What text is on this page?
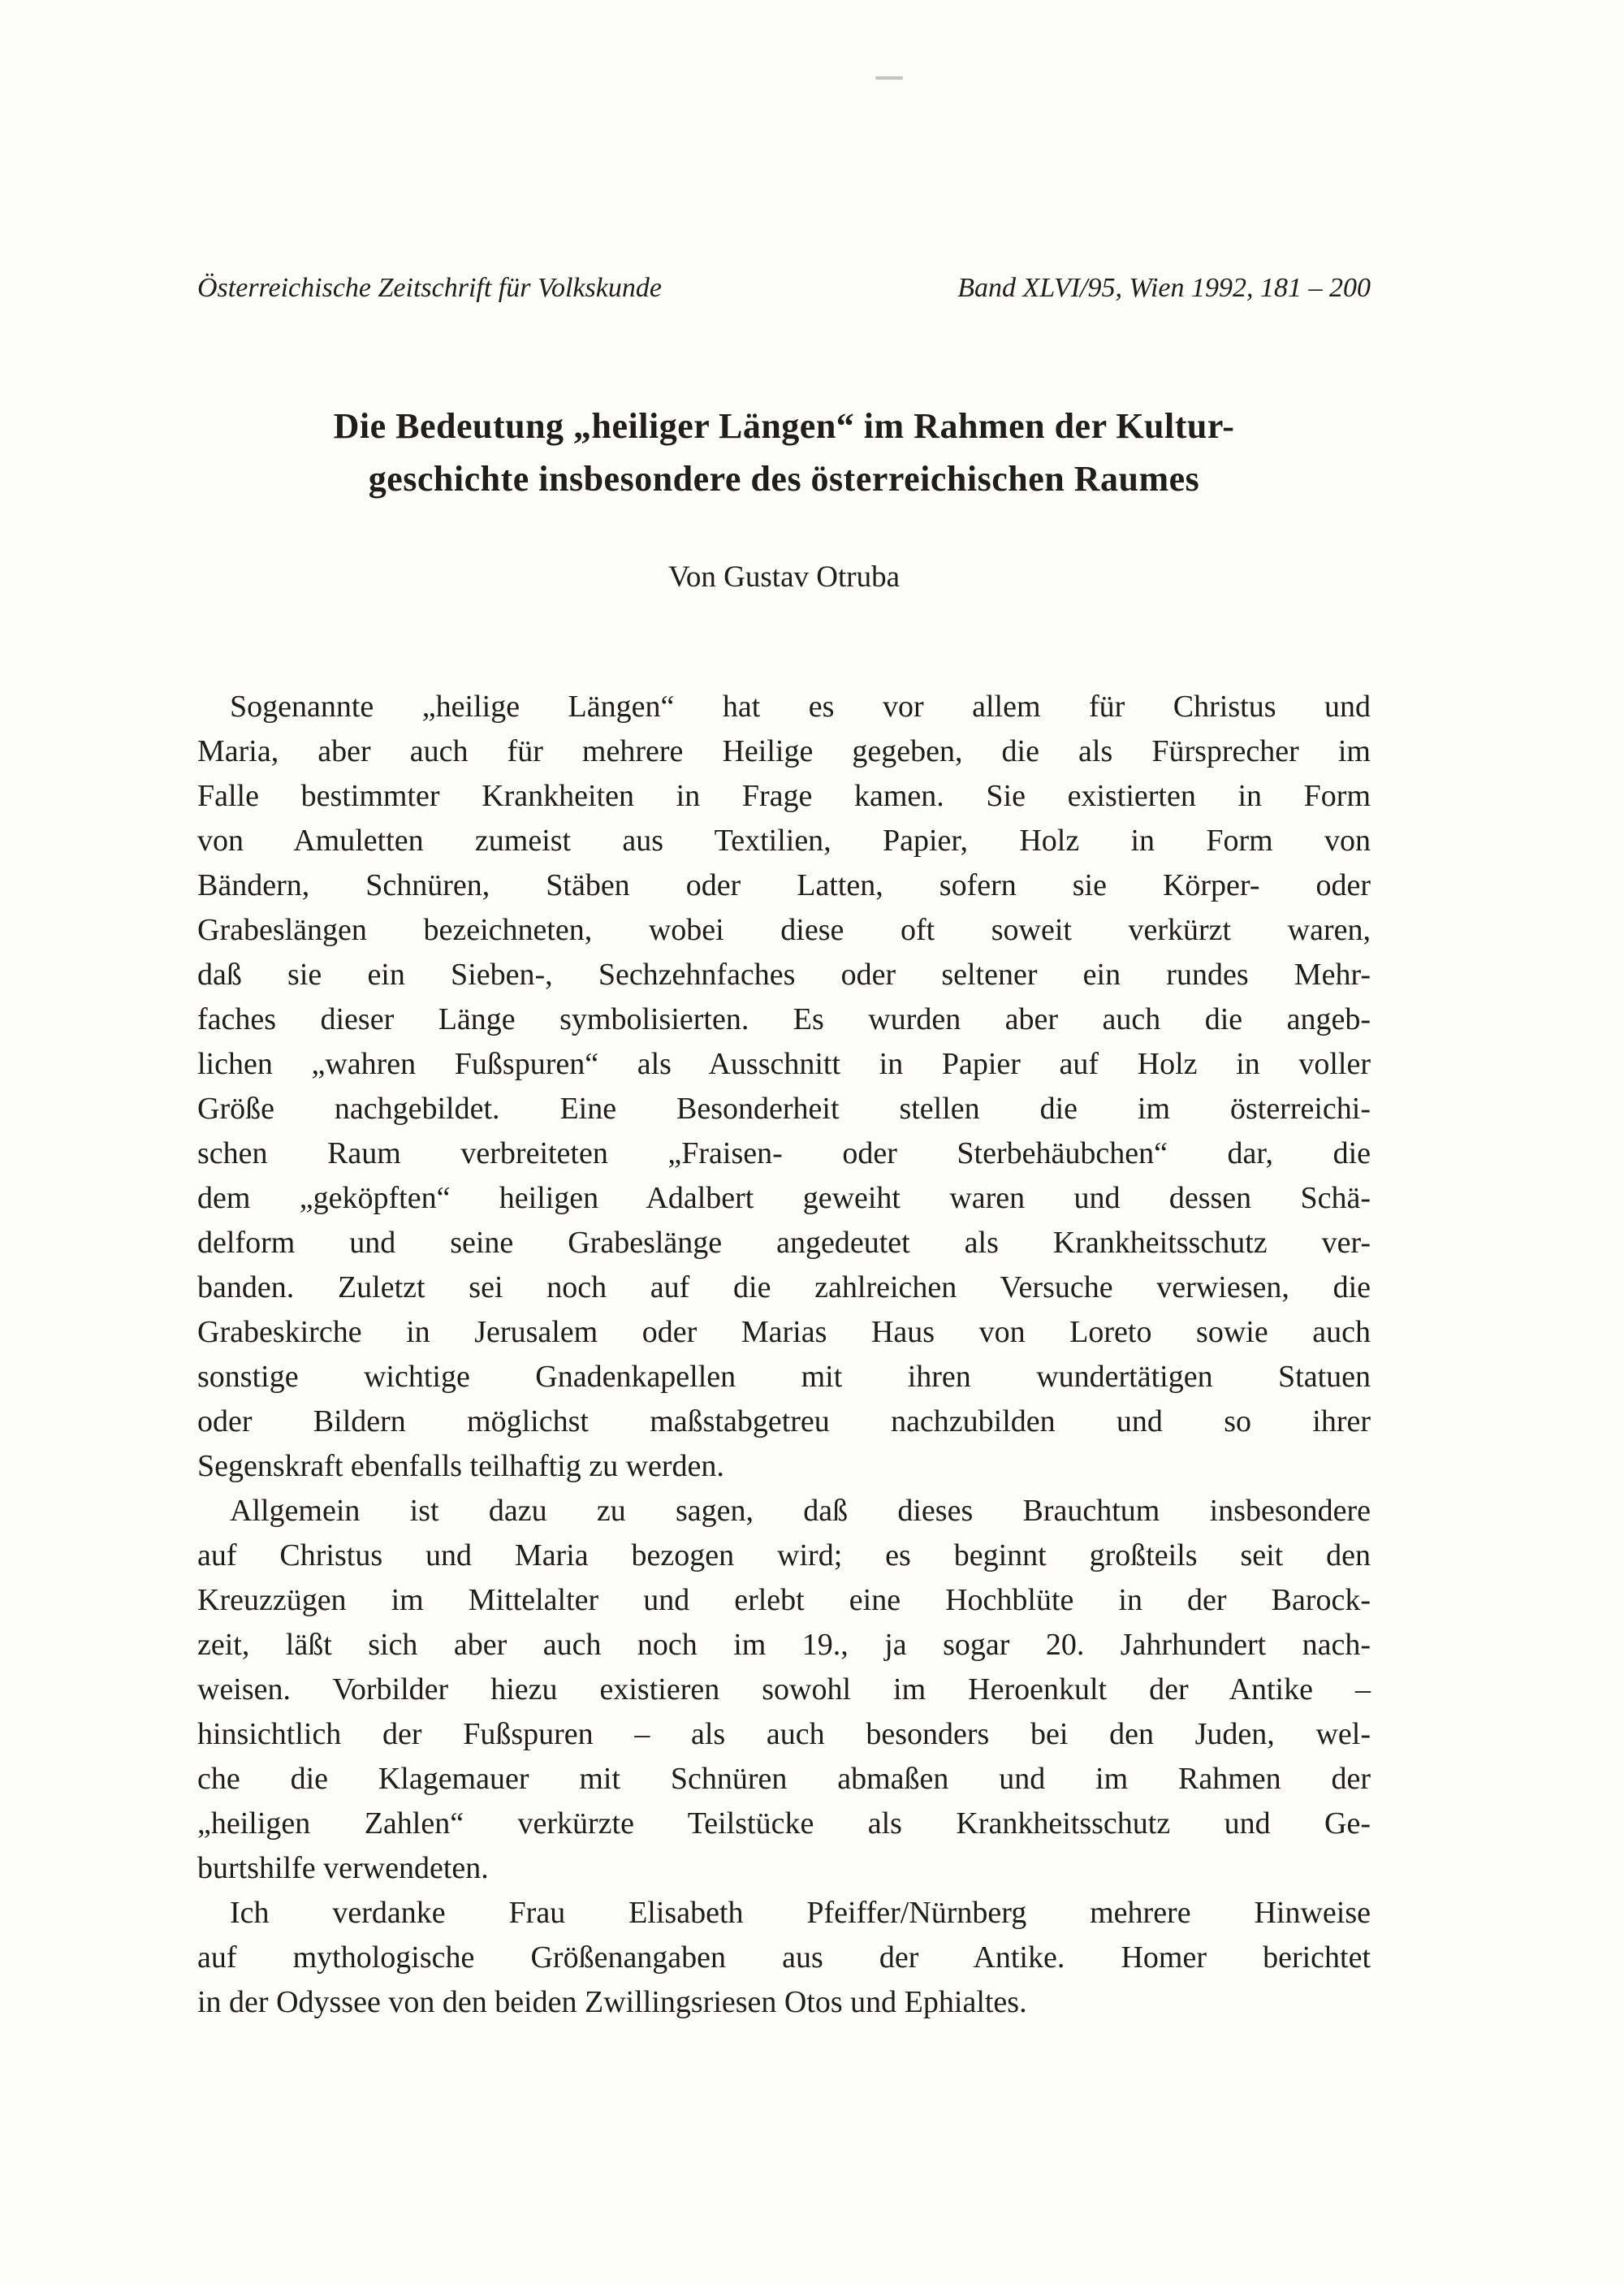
Österreichische Zeitschrift für Volkskunde	Band XLVI/95, Wien 1992, 181 – 200
Die Bedeutung „heiliger Längen“ im Rahmen der Kultur-
geschichte insbesondere des österreichischen Raumes
Von Gustav Otruba
Sogenannte „heilige Längen“ hat es vor allem für Christus und
Maria, aber auch für mehrere Heilige gegeben, die als Fürsprecher im
Falle bestimmter Krankheiten in Frage kamen. Sie existierten in Form
von Amuletten zumeist aus Textilien, Papier, Holz in Form von
Bändern, Schnüren, Stäben oder Latten, sofern sie Körper- oder
Grabeslängen bezeichneten, wobei diese oft soweit verkürzt waren,
daß sie ein Sieben-, Sechzehnfaches oder seltener ein rundes Mehr-
faches dieser Länge symbolisierten. Es wurden aber auch die angeb-
lichen „wahren Fußspuren“ als Ausschnitt in Papier auf Holz in voller
Größe nachgebildet. Eine Besonderheit stellen die im österreichi-
schen Raum verbreiteten „Fraisen- oder Sterbehäubchen“ dar, die
dem „geköpften“ heiligen Adalbert geweiht waren und dessen Schä-
delform und seine Grabeslänge angedeutet als Krankheitsschutz ver-
banden. Zuletzt sei noch auf die zahlreichen Versuche verwiesen, die
Grabeskirche in Jerusalem oder Marias Haus von Loreto sowie auch
sonstige wichtige Gnadenkapellen mit ihren wundertätigen Statuen
oder Bildern möglichst maßstabgetreu nachzubilden und so ihrer
Segenskraft ebenfalls teilhaftig zu werden.
Allgemein ist dazu zu sagen, daß dieses Brauchtum insbesondere
auf Christus und Maria bezogen wird; es beginnt großteils seit den
Kreuzzügen im Mittelalter und erlebt eine Hochblüte in der Barock-
zeit, läßt sich aber auch noch im 19., ja sogar 20. Jahrhundert nach-
weisen. Vorbilder hiezu existieren sowohl im Heroenkult der Antike –
hinsichtlich der Fußspuren – als auch besonders bei den Juden, wel-
che die Klagemauer mit Schnüren abmaßen und im Rahmen der
„heiligen Zahlen“ verkürzte Teilstücke als Krankheitsschutz und Ge-
burtshilfe verwendeten.
Ich verdanke Frau Elisabeth Pfeiffer/Nürnberg mehrere Hinweise
auf mythologische Größenangaben aus der Antike. Homer berichtet
in der Odyssee von den beiden Zwillingsriesen Otos und Ephialtes.
